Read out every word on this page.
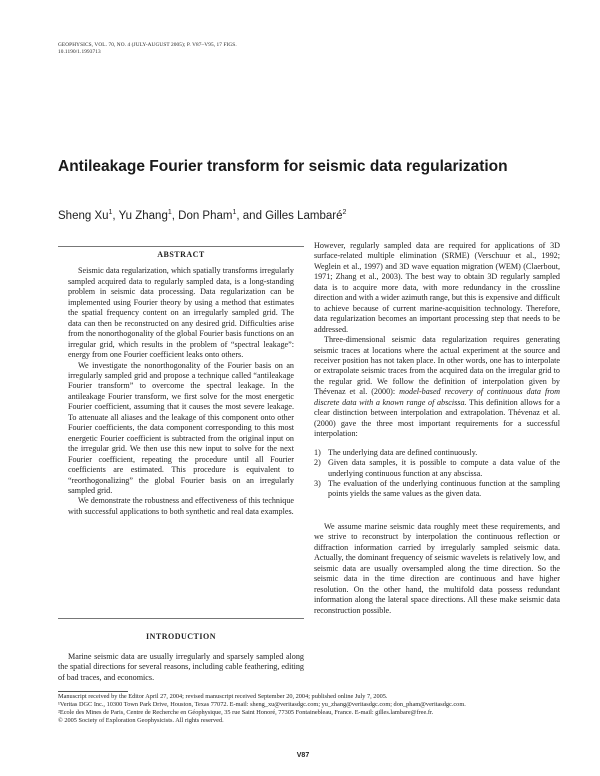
GEOPHYSICS, VOL. 70, NO. 4 (JULY-AUGUST 2005); P. V87–V95, 17 FIGS.
10.1190/1.1993713
Antileakage Fourier transform for seismic data regularization
Sheng Xu$^1$, Yu Zhang$^1$, Don Pham$^1$, and Gilles Lambaré$^2$
ABSTRACT

Seismic data regularization, which spatially transforms irregularly sampled acquired data to regularly sampled data, is a long-standing problem in seismic data processing. Data regularization can be implemented using Fourier theory by using a method that estimates the spatial frequency content on an irregularly sampled grid. The data can then be reconstructed on any desired grid. Difficulties arise from the nonorthogonality of the global Fourier basis functions on an irregular grid, which results in the problem of “spectral leakage”: energy from one Fourier coefficient leaks onto others.

We investigate the nonorthogonality of the Fourier basis on an irregularly sampled grid and propose a technique called “antileakage Fourier transform” to overcome the spectral leakage. In the antileakage Fourier transform, we first solve for the most energetic Fourier coefficient, assuming that it causes the most severe leakage. To attenuate all aliases and the leakage of this component onto other Fourier coefficients, the data component corresponding to this most energetic Fourier coefficient is subtracted from the original input on the irregular grid. We then use this new input to solve for the next Fourier coefficient, repeating the procedure until all Fourier coefficients are estimated. This procedure is equivalent to “reorthogonalizing” the global Fourier basis on an irregularly sampled grid.

We demonstrate the robustness and effectiveness of this technique with successful applications to both synthetic and real data examples.

INTRODUCTION

Marine seismic data are usually irregularly and sparsely sampled along the spatial directions for several reasons, including cable feathering, editing of bad traces, and economics.

However, regularly sampled data are required for applications of 3D surface-related multiple elimination (SRME) (Verschuur et al., 1992; Weglein et al., 1997) and 3D wave equation migration (WEM) (Claerbout, 1971; Zhang et al., 2003). The best way to obtain 3D regularly sampled data is to acquire more data, with more redundancy in the crossline direction and with a wider azimuth range, but this is expensive and difficult to achieve because of current marine-acquisition technology. Therefore, data regularization becomes an important processing step that needs to be addressed.

Three-dimensional seismic data regularization requires generating seismic traces at locations where the actual experiment at the source and receiver position has not taken place. In other words, one has to interpolate or extrapolate seismic traces from the acquired data on the irregular grid to the regular grid. We follow the definition of interpolation given by Thévenaz et al. (2000): model-based recovery of continuous data from discrete data with a known range of abscissa. This definition allows for a clear distinction between interpolation and extrapolation. Thévenaz et al. (2000) gave the three most important requirements for a successful interpolation:

1) The underlying data are defined continuously.
2) Given data samples, it is possible to compute a data value of the underlying continuous function at any abscissa.
3) The evaluation of the underlying continuous function at the sampling points yields the same values as the given data.

We assume marine seismic data roughly meet these requirements, and we strive to reconstruct by interpolation the continuous reflection or diffraction information carried by irregularly sampled seismic data. Actually, the dominant frequency of seismic wavelets is relatively low, and seismic data are usually oversampled along the time direction. So the seismic data in the time direction are continuous and have higher resolution. On the other hand, the multifold data possess redundant information along the lateral space directions. All these make seismic data reconstruction possible.

Manuscript received by the Editor April 27, 2004; revised manuscript received September 20, 2004; published online July 7, 2005.
¹Veritas DGC Inc., 10300 Town Park Drive, Houston, Texas 77072. E-mail: sheng_xu@veritasdgc.com; yu_zhang@veritasdgc.com; don_pham@veritasdgc.com.
²Ecole des Mines de Paris, Centre de Recherche en Géophysique, 35 rue Saint Honoré, 77305 Fontainebleau, France. E-mail: gilles.lambare@free.fr.
© 2005 Society of Exploration Geophysicists. All rights reserved.
V87
